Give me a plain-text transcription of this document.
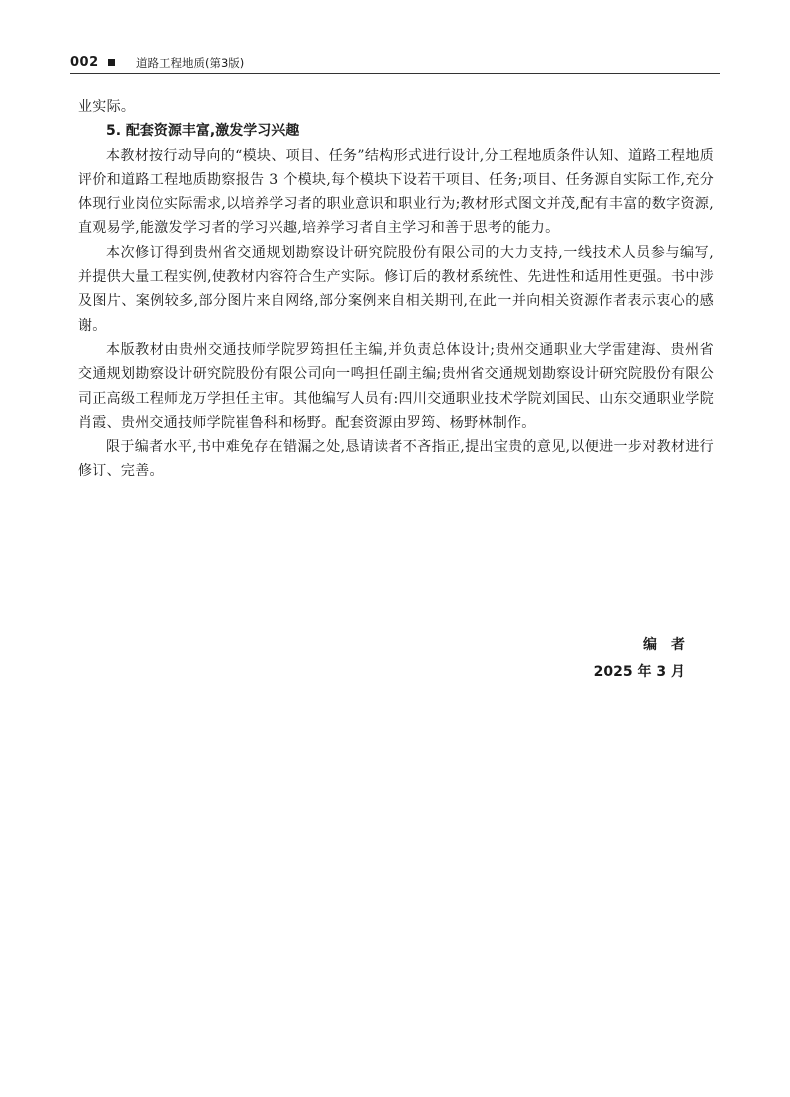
002	道路工程地质(第3版)

业实际。

5. 配套资源丰富,激发学习兴趣

本教材按行动导向的“模块、项目、任务”结构形式进行设计,分工程地质条件认知、道路工程地质评价和道路工程地质勘察报告 3 个模块,每个模块下设若干项目、任务;项目、任务源自实际工作,充分体现行业岗位实际需求,以培养学习者的职业意识和职业行为;教材形式图文并茂,配有丰富的数字资源,直观易学,能激发学习者的学习兴趣,培养学习者自主学习和善于思考的能力。

本次修订得到贵州省交通规划勘察设计研究院股份有限公司的大力支持,一线技术人员参与编写,并提供大量工程实例,使教材内容符合生产实际。修订后的教材系统性、先进性和适用性更强。书中涉及图片、案例较多,部分图片来自网络,部分案例来自相关期刊,在此一并向相关资源作者表示衷心的感谢。

本版教材由贵州交通技师学院罗筠担任主编,并负责总体设计;贵州交通职业大学雷建海、贵州省交通规划勘察设计研究院股份有限公司向一鸣担任副主编;贵州省交通规划勘察设计研究院股份有限公司正高级工程师龙万学担任主审。其他编写人员有:四川交通职业技术学院刘国民、山东交通职业学院肖霞、贵州交通技师学院崔鲁科和杨野。配套资源由罗筠、杨野林制作。

限于编者水平,书中难免存在错漏之处,恳请读者不吝指正,提出宝贵的意见,以便进一步对教材进行修订、完善。

编者
2025 年 3 月
